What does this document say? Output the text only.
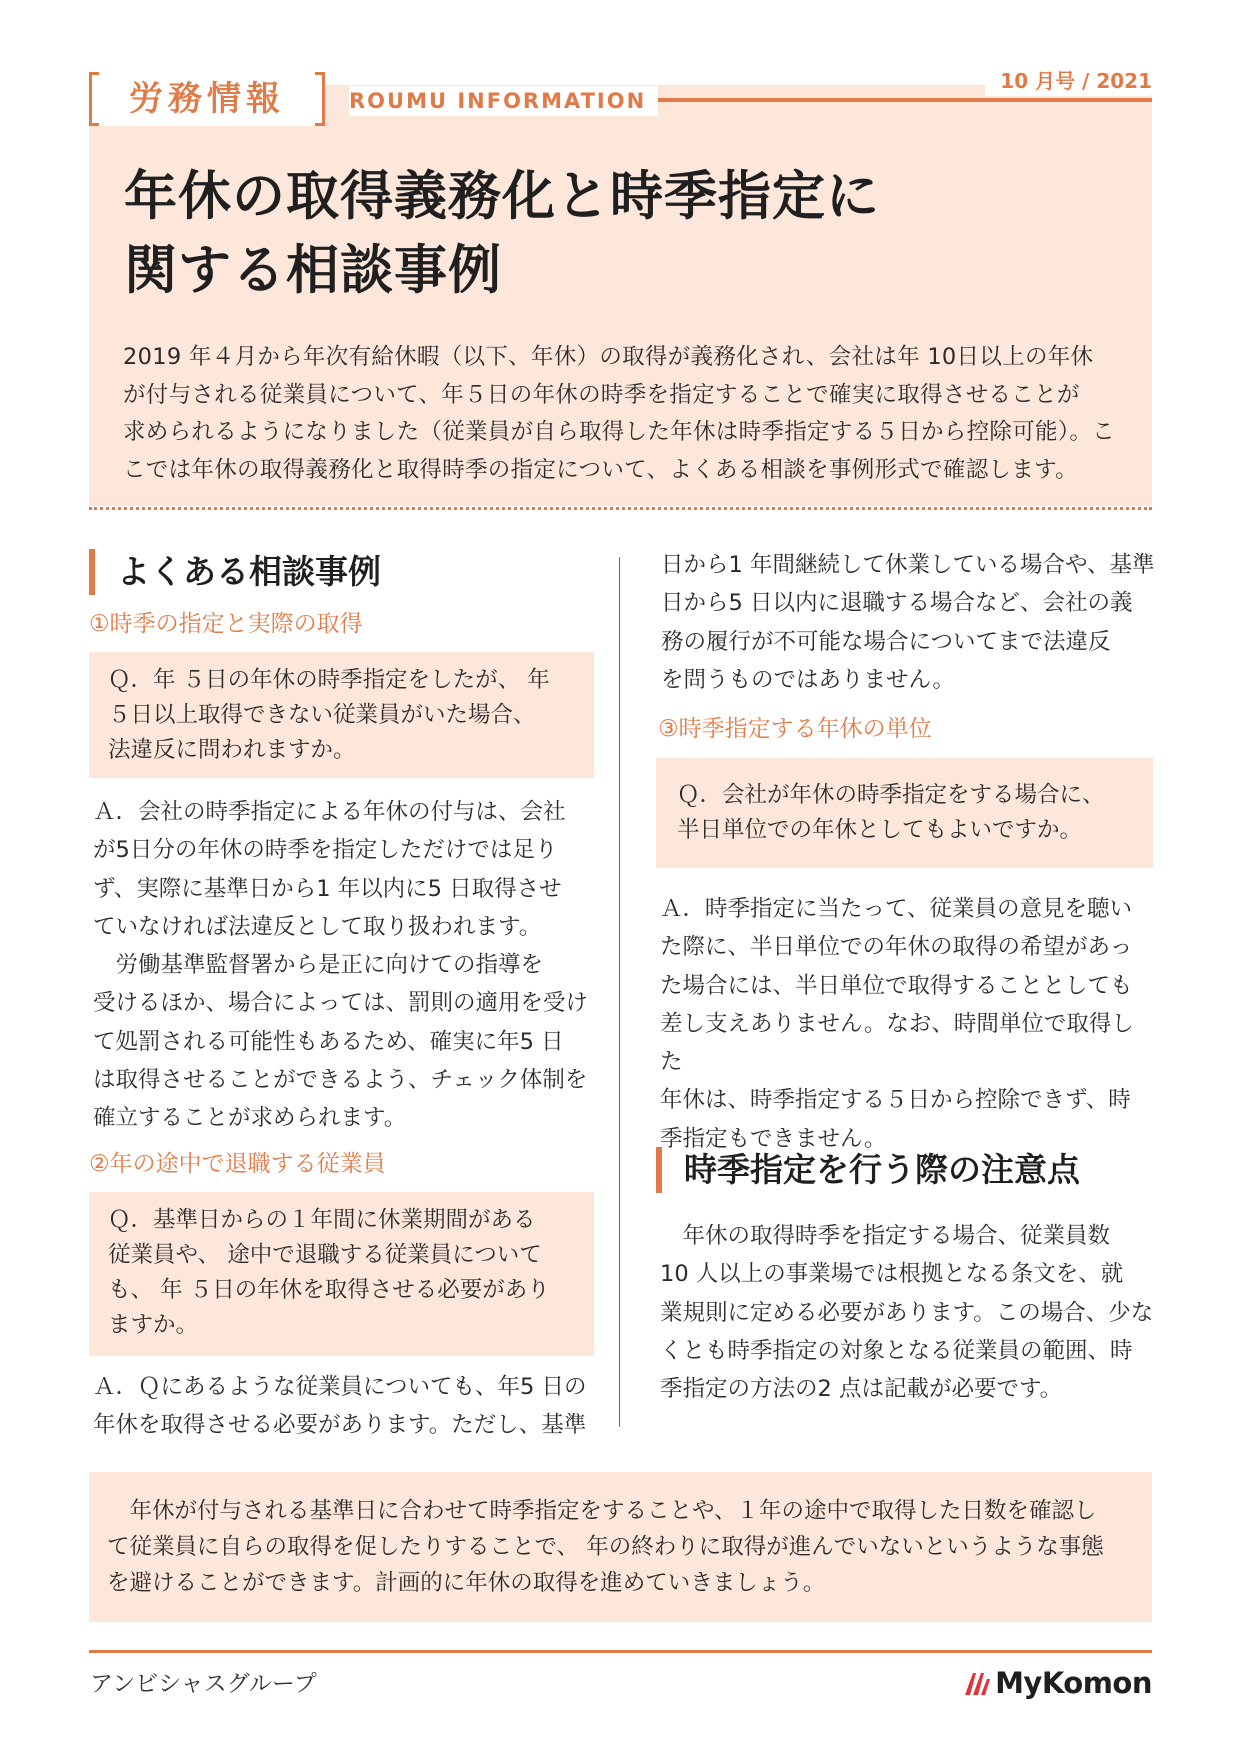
労務情報	ROUMU INFORMATION
10 月号 / 2021
年休の取得義務化と時季指定に
関する相談事例
2019 年４月から年次有給休暇（以下、年休）の取得が義務化され、会社は年 10日以上の年休
が付与される従業員について、年５日の年休の時季を指定することで確実に取得させることが
求められるようになりました（従業員が自ら取得した年休は時季指定する５日から控除可能）。こ
こでは年休の取得義務化と取得時季の指定について、よくある相談を事例形式で確認します。
よくある相談事例
①時季の指定と実際の取得
Ｑ．年 ５日の年休の時季指定をしたが、 年
５日以上取得できない従業員がいた場合、
法違反に問われますか。
Ａ．会社の時季指定による年休の付与は、会社
が5日分の年休の時季を指定しただけでは足り
ず、実際に基準日から1 年以内に5 日取得させ
ていなければ法違反として取り扱われます。
　労働基準監督署から是正に向けての指導を
受けるほか、場合によっては、罰則の適用を受け
て処罰される可能性もあるため、確実に年5 日
は取得させることができるよう、チェック体制を
確立することが求められます。
②年の途中で退職する従業員
Ｑ．基準日からの１年間に休業期間がある
従業員や、 途中で退職する従業員について
も、 年 ５日の年休を取得させる必要があり
ますか。
Ａ．Ｑにあるような従業員についても、年5 日の
年休を取得させる必要があります。ただし、基準
日から1 年間継続して休業している場合や、基準
日から5 日以内に退職する場合など、会社の義
務の履行が不可能な場合についてまで法違反
を問うものではありません。
③時季指定する年休の単位
Ｑ．会社が年休の時季指定をする場合に、
半日単位での年休としてもよいですか。
Ａ．時季指定に当たって、従業員の意見を聴い
た際に、半日単位での年休の取得の希望があっ
た場合には、半日単位で取得することとしても
差し支えありません。なお、時間単位で取得した
年休は、時季指定する５日から控除できず、時
季指定もできません。
時季指定を行う際の注意点
　年休の取得時季を指定する場合、従業員数
10 人以上の事業場では根拠となる条文を、就
業規則に定める必要があります。この場合、少な
くとも時季指定の対象となる従業員の範囲、時
季指定の方法の2 点は記載が必要です。
　年休が付与される基準日に合わせて時季指定をすることや、１年の途中で取得した日数を確認し
て従業員に自らの取得を促したりすることで、 年の終わりに取得が進んでいないというような事態
を避けることができます。計画的に年休の取得を進めていきましょう。
アンビシャスグループ	MyKomon
